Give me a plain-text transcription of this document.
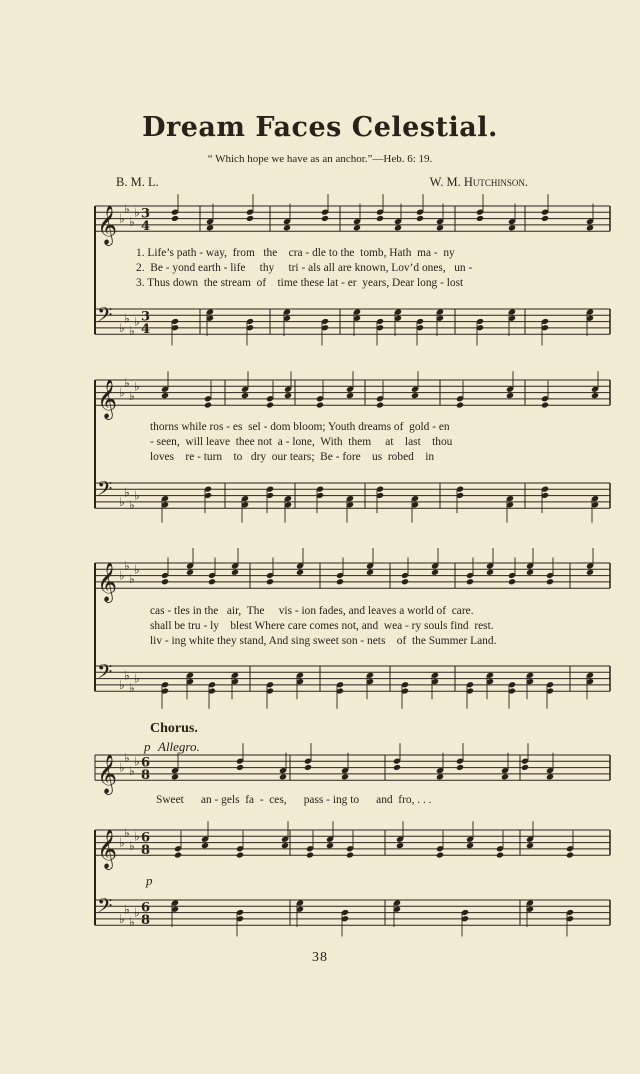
Dream Faces Celestial.
“ Which hope we have as an anchor.”—Heb. 6: 19.
B. M. L.	W. M. Hutchinson.
𝄞 ♭
♭
♭
♭ 3
4
𝄢 ♭
♭
♭
♭ 3
4
𝄞 ♭
♭
♭
♭
𝄢 ♭
♭
♭
♭
𝄞 ♭
♭
♭
♭
𝄢 ♭
♭
♭
♭
𝄞 ♭
♭
♭
♭ 6
8
𝄞 ♭
♭
♭
♭ 6
8
𝄢 ♭
♭
♭
♭ 6
8
1. Life’s path - way,  from   the    cra - dle to the  tomb, Hath  ma -  ny
2.  Be - yond earth - life     thy     tri - als all are known, Lov’d ones,   un -
3. Thus down  the stream  of    time these lat - er  years, Dear long - lost
thorns while ros - es  sel - dom bloom; Youth dreams of  gold - en
- seen,  will leave  thee not  a - lone,  With  them     at    last    thou
loves    re - turn    to   dry  our tears;  Be - fore    us  robed    in
cas - tles in the   air,  The     vis - ion fades, and leaves a world of  care.
shall be tru - ly    blest Where care comes not, and  wea - ry souls find  rest.
liv - ing white they stand, And sing sweet son - nets    of  the Summer Land.
Chorus.
p Allegro.
Sweet      an - gels  fa  -  ces,      pass - ing to      and  fro, . . .
p
38
